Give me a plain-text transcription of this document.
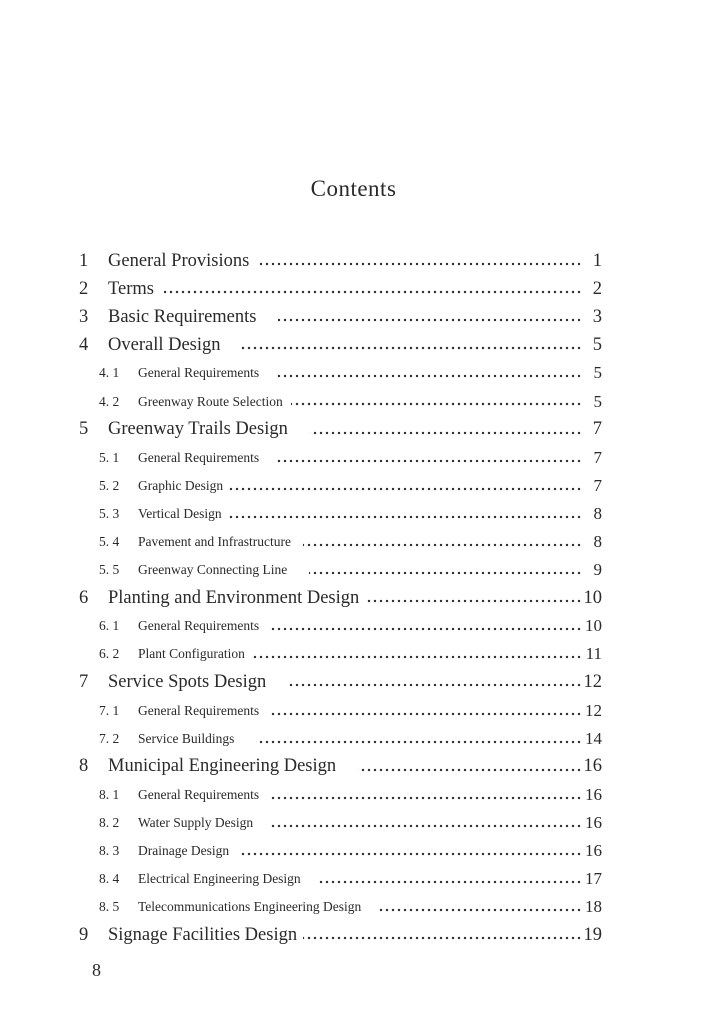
Contents
1 General Provisions	1
2 Terms	2
3 Basic Requirements	3
4 Overall Design	5
4. 1 General Requirements	5
4. 2 Greenway Route Selection	5
5 Greenway Trails Design	7
5. 1 General Requirements	7
5. 2 Graphic Design	7
5. 3 Vertical Design	8
5. 4 Pavement and Infrastructure	8
5. 5 Greenway Connecting Line	9
6 Planting and Environment Design	10
6. 1 General Requirements	10
6. 2 Plant Configuration	11
7 Service Spots Design	12
7. 1 General Requirements	12
7. 2 Service Buildings	14
8 Municipal Engineering Design	16
8. 1 General Requirements	16
8. 2 Water Supply Design	16
8. 3 Drainage Design	16
8. 4 Electrical Engineering Design	17
8. 5 Telecommunications Engineering Design	18
9 Signage Facilities Design	19
8
